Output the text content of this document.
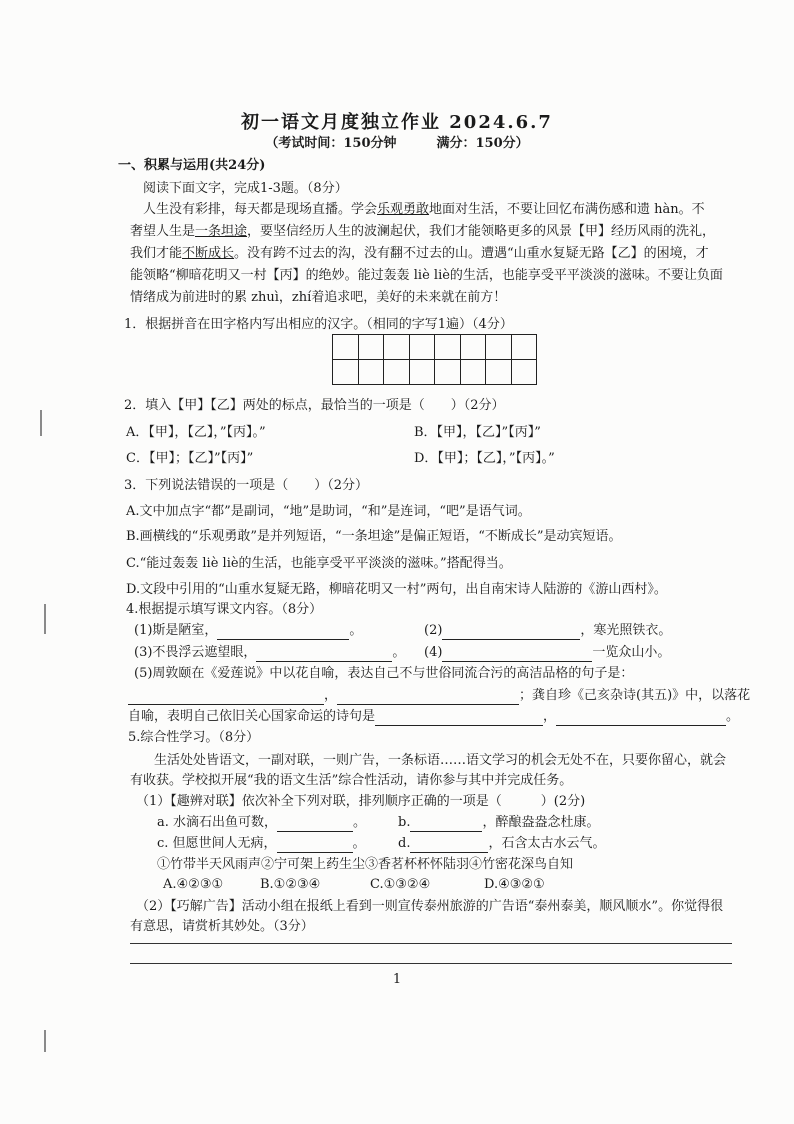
初一语文月度独立作业 2024.6.7
（考试时间：150分钟	满分：150分）
一、积累与运用(共24分)
阅读下面文字，完成1-3题。（8分）
人生没有彩排，每天都是现场直播。学会乐观勇敢地面对生活，不要让回忆布满伤感和遗 hàn。不
奢望人生是一条坦途，要坚信经历人生的波澜起伏，我们才能领略更多的风景【甲】经历风雨的洗礼，
我们才能不断成长。没有跨不过去的沟，没有翻不过去的山。遭遇“山重水复疑无路【乙】的困境，才
能领略“柳暗花明又一村【丙】的绝妙。能过轰轰 liè liè的生活，也能享受平平淡淡的滋味。不要让负面
情绪成为前进时的累 zhuì，zhí着追求吧，美好的未来就在前方！
1．根据拼音在田字格内写出相应的汉字。（相同的字写1遍）（4分）
2．填入【甲】【乙】两处的标点，最恰当的一项是（　　）（2分）
A．【甲】，【乙】，”【丙】。”	B．【甲】，【乙】”【丙】”
C．【甲】；【乙】”【丙】”	D．【甲】；【乙】，”【丙】。”
3．下列说法错误的一项是（　　）（2分）
A.文中加点字“都”是副词，“地”是助词，“和”是连词，“吧”是语气词。
B.画横线的“乐观勇敢”是并列短语，“一条坦途”是偏正短语，“不断成长”是动宾短语。
C.“能过轰轰 liè liè的生活，也能享受平平淡淡的滋味。”搭配得当。
D.文段中引用的“山重水复疑无路，柳暗花明又一村”两句，出自南宋诗人陆游的《游山西村》。
4.根据提示填写课文内容。（8分）
(1)斯是陋室，	。	(2)	，寒光照铁衣。
(3)不畏浮云遮望眼，	。 (4)	一览众山小。
(5)周敦颐在《爱莲说》中以花自喻，表达自己不与世俗同流合污的高洁品格的句子是：
，	；龚自珍《己亥杂诗(其五)》中，以落花
自喻，表明自己依旧关心国家命运的诗句是	，	。
5.综合性学习。（8分）
生活处处皆语文，一副对联，一则广告，一条标语……语文学习的机会无处不在，只要你留心，就会
有收获。学校拟开展“我的语文生活”综合性活动，请你参与其中并完成任务。
（1）【趣辨对联】依次补全下列对联，排列顺序正确的一项是（　　　）(2分)
a. 水滴石出鱼可数，	。 b.	，醉酿盎盎念杜康。
c. 但愿世间人无病，	。 d.	，石含太古水云气。
①竹带半天风雨声②宁可架上药生尘③香茗杯杯怀陆羽④竹密花深鸟自知
A.④②③①	B.①②③④	C.①③②④	D.④③②①
（2）【巧解广告】活动小组在报纸上看到一则宣传泰州旅游的广告语“泰州泰美，顺风顺水”。你觉得很
有意思，请赏析其妙处。（3分）
1
